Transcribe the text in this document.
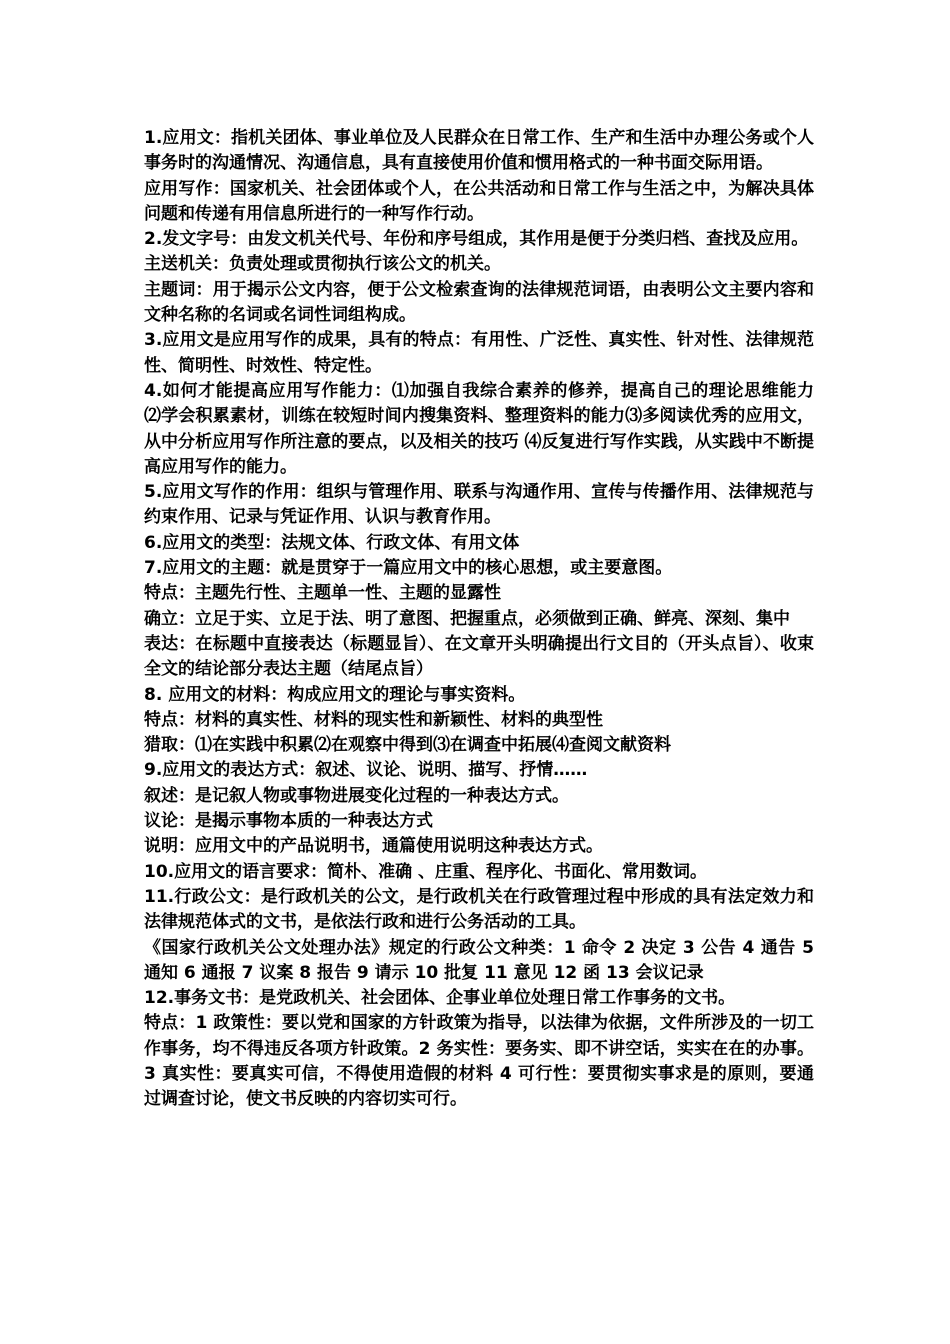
1.应用文：指机关团体、事业单位及人民群众在日常工作、生产和生活中办理公务或个人事务时的沟通情况、沟通信息，具有直接使用价值和惯用格式的一种书面交际用语。

应用写作：国家机关、社会团体或个人，在公共活动和日常工作与生活之中，为解决具体问题和传递有用信息所进行的一种写作行动。

2.发文字号：由发文机关代号、年份和序号组成，其作用是便于分类归档、查找及应用。

主送机关：负责处理或贯彻执行该公文的机关。

主题词：用于揭示公文内容，便于公文检索查询的法律规范词语，由表明公文主要内容和文种名称的名词或名词性词组构成。

3.应用文是应用写作的成果，具有的特点：有用性、广泛性、真实性、针对性、法律规范性、简明性、时效性、特定性。

4.如何才能提高应用写作能力：⑴加强自我综合素养的修养，提高自己的理论思维能力 ⑵学会积累素材，训练在较短时间内搜集资料、整理资料的能力⑶多阅读优秀的应用文，从中分析应用写作所注意的要点，以及相关的技巧 ⑷反复进行写作实践，从实践中不断提高应用写作的能力。

5.应用文写作的作用：组织与管理作用、联系与沟通作用、宣传与传播作用、法律规范与约束作用、记录与凭证作用、认识与教育作用。

6.应用文的类型：法规文体、行政文体、有用文体

7.应用文的主题：就是贯穿于一篇应用文中的核心思想，或主要意图。

特点：主题先行性、主题单一性、主题的显露性

确立：立足于实、立足于法、明了意图、把握重点，必须做到正确、鲜亮、深刻、集中

表达：在标题中直接表达（标题显旨）、在文章开头明确提出行文目的（开头点旨）、收束全文的结论部分表达主题（结尾点旨）

8. 应用文的材料：构成应用文的理论与事实资料。

特点：材料的真实性、材料的现实性和新颖性、材料的典型性

猎取：⑴在实践中积累⑵在观察中得到⑶在调查中拓展⑷查阅文献资料

9.应用文的表达方式：叙述、议论、说明、描写、抒情……

叙述：是记叙人物或事物进展变化过程的一种表达方式。

议论：是揭示事物本质的一种表达方式

说明：应用文中的产品说明书，通篇使用说明这种表达方式。

10.应用文的语言要求：简朴、准确 、庄重、程序化、书面化、常用数词。

11.行政公文：是行政机关的公文，是行政机关在行政管理过程中形成的具有法定效力和法律规范体式的文书，是依法行政和进行公务活动的工具。

《国家行政机关公文处理办法》规定的行政公文种类：1 命令 2 决定 3 公告 4 通告 5 通知 6 通报 7 议案 8 报告 9 请示 10 批复 11 意见 12 函 13 会议记录

12.事务文书：是党政机关、社会团体、企事业单位处理日常工作事务的文书。

特点：1 政策性：要以党和国家的方针政策为指导，以法律为依据，文件所涉及的一切工作事务，均不得违反各项方针政策。2 务实性：要务实、即不讲空话，实实在在的办事。3 真实性：要真实可信，不得使用造假的材料 4 可行性：要贯彻实事求是的原则，要通过调查讨论，使文书反映的内容切实可行。
